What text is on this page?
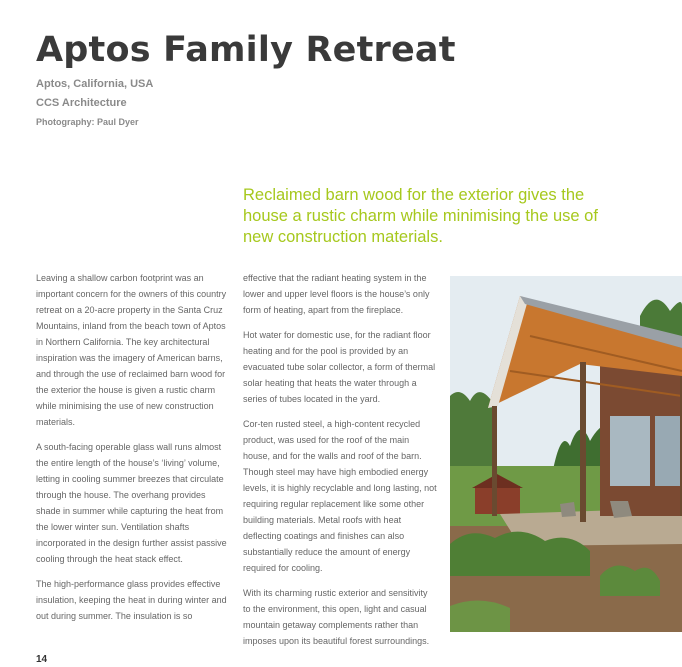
Aptos Family Retreat
Aptos, California, USA
CCS Architecture
Photography: Paul Dyer

Reclaimed barn wood for the exterior gives the house a rustic charm while minimising the use of new construction materials.

Leaving a shallow carbon footprint was an important concern for the owners of this country retreat on a 20-acre property in the Santa Cruz Mountains, inland from the beach town of Aptos in Northern California. The key architectural inspiration was the imagery of American barns, and through the use of reclaimed barn wood for the exterior the house is given a rustic charm while minimising the use of new construction materials.

A south-facing operable glass wall runs almost the entire length of the house’s ‘living’ volume, letting in cooling summer breezes that circulate through the house. The overhang provides shade in summer while capturing the heat from the lower winter sun. Ventilation shafts incorporated in the design further assist passive cooling through the heat stack effect.

The high-performance glass provides effective insulation, keeping the heat in during winter and out during summer. The insulation is so

effective that the radiant heating system in the lower and upper level floors is the house’s only form of heating, apart from the fireplace.

Hot water for domestic use, for the radiant floor heating and for the pool is provided by an evacuated tube solar collector, a form of thermal solar heating that heats the water through a series of tubes located in the yard.

Cor-ten rusted steel, a high-content recycled product, was used for the roof of the main house, and for the walls and roof of the barn. Though steel may have high embodied energy levels, it is highly recyclable and long lasting, not requiring regular replacement like some other building materials. Metal roofs with heat deflecting coatings and finishes can also substantially reduce the amount of energy required for cooling.

With its charming rustic exterior and sensitivity to the environment, this open, light and casual mountain getaway complements rather than imposes upon its beautiful forest surroundings.

14
